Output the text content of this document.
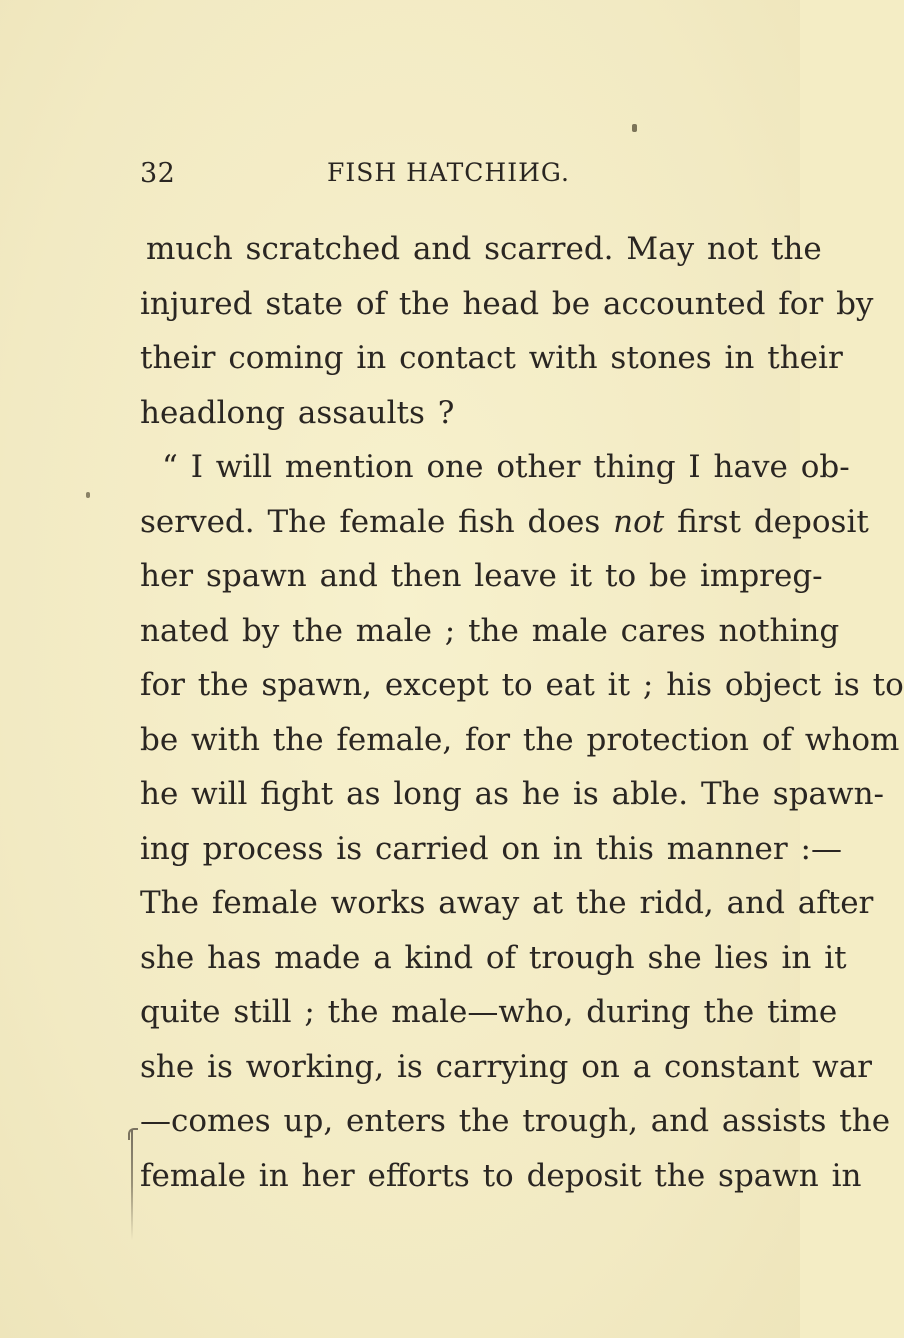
32	FISH HATCHIИG.
much scratched and scarred. May not the
injured state of the head be accounted for by
their coming in contact with stones in their
headlong assaults ?
“ I will mention one other thing I have ob-
served. The female fish does not first deposit
her spawn and then leave it to be impreg-
nated by the male ; the male cares nothing
for the spawn, except to eat it ; his object is to
be with the female, for the protection of whom
he will fight as long as he is able. The spawn-
ing process is carried on in this manner :—
The female works away at the ridd, and after
she has made a kind of trough she lies in it
quite still ; the male—who, during the time
she is working, is carrying on a constant war
—comes up, enters the trough, and assists the
female in her efforts to deposit the spawn in
